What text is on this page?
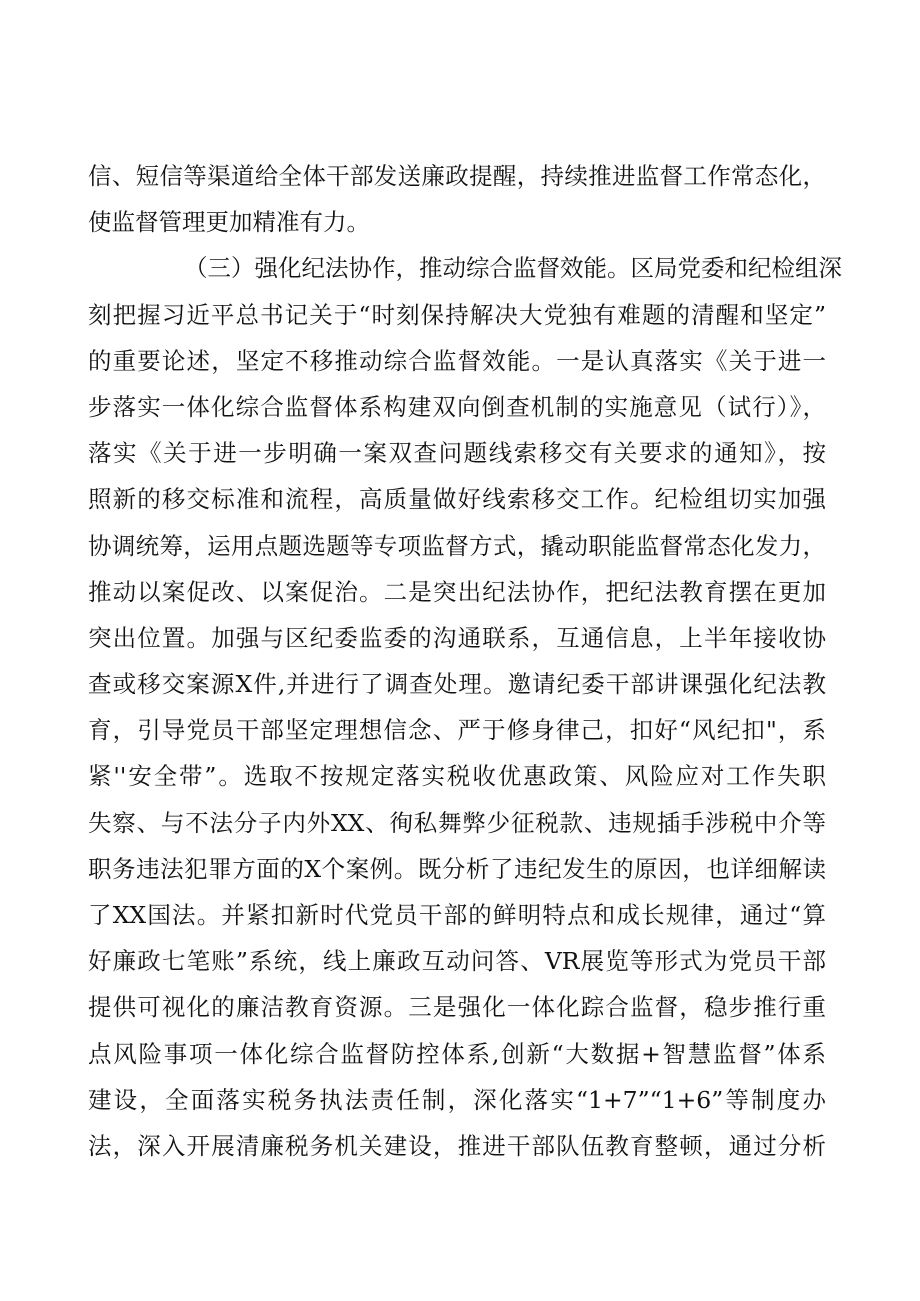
信、短信等渠道给全体干部发送廉政提醒，持续推进监督工作常态化，
使监督管理更加精准有力。
（三）强化纪法协作，推动综合监督效能。区局党委和纪检组深
刻把握习近平总书记关于“时刻保持解决大党独有难题的清醒和坚定”
的重要论述，坚定不移推动综合监督效能。一是认真落实《关于进一
步落实一体化综合监督体系构建双向倒查机制的实施意见（试行）》，
落实《关于进一步明确一案双查问题线索移交有关要求的通知》，按
照新的移交标准和流程，高质量做好线索移交工作。纪检组切实加强
协调统筹，运用点题选题等专项监督方式，撬动职能监督常态化发力，
推动以案促改、以案促治。二是突出纪法协作，把纪法教育摆在更加
突出位置。加强与区纪委监委的沟通联系，互通信息，上半年接收协
查或移交案源X件,并进行了调查处理。邀请纪委干部讲课强化纪法教
育，引导党员干部坚定理想信念、严于修身律己，扣好“风纪扣"，系
紧''安全带”。选取不按规定落实税收优惠政策、风险应对工作失职
失察、与不法分子内外XX、徇私舞弊少征税款、违规插手涉税中介等
职务违法犯罪方面的X个案例。既分析了违纪发生的原因，也详细解读
了XX国法。并紧扣新时代党员干部的鲜明特点和成长规律，通过“算
好廉政七笔账”系统，线上廉政互动问答、VR展览等形式为党员干部
提供可视化的廉洁教育资源。三是强化一体化踪合监督，稳步推行重
点风险事项一体化综合监督防控体系,创新“大数据+智慧监督”体系
建设，全面落实税务执法责任制，深化落实“1+7”“1+6”等制度办
法，深入开展清廉税务机关建设，推进干部队伍教育整顿，通过分析
